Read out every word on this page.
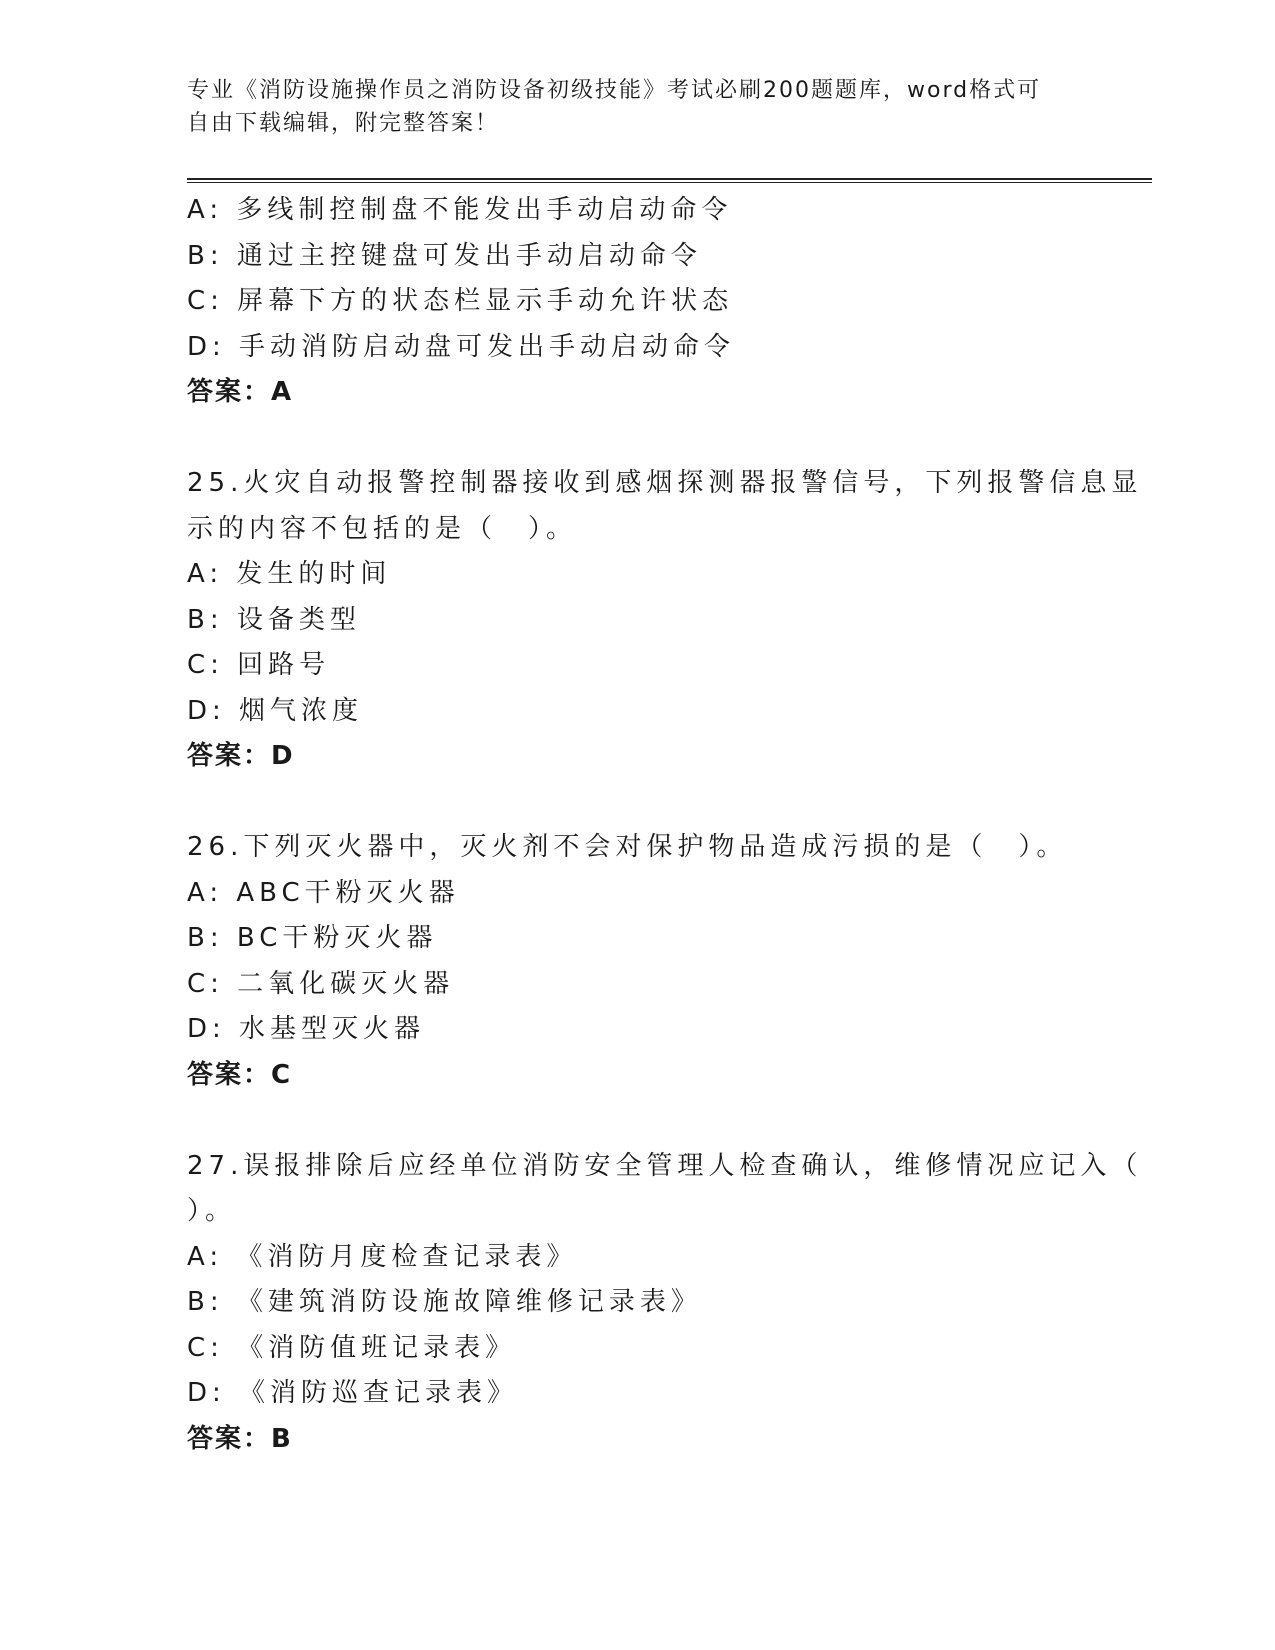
专业《消防设施操作员之消防设备初级技能》考试必刷200题题库，word格式可
自由下载编辑，附完整答案！
A: 多线制控制盘不能发出手动启动命令
B: 通过主控键盘可发出手动启动命令
C: 屏幕下方的状态栏显示手动允许状态
D: 手动消防启动盘可发出手动启动命令
答案：A
25.火灾自动报警控制器接收到感烟探测器报警信号，下列报警信息显
示的内容不包括的是（　）。
A: 发生的时间
B: 设备类型
C: 回路号
D: 烟气浓度
答案：D
26.下列灭火器中，灭火剂不会对保护物品造成污损的是（　）。
A: ABC干粉灭火器
B: BC干粉灭火器
C: 二氧化碳灭火器
D: 水基型灭火器
答案：C
27.误报排除后应经单位消防安全管理人检查确认，维修情况应记入（
）。
A: 《消防月度检查记录表》
B: 《建筑消防设施故障维修记录表》
C: 《消防值班记录表》
D: 《消防巡查记录表》
答案：B
